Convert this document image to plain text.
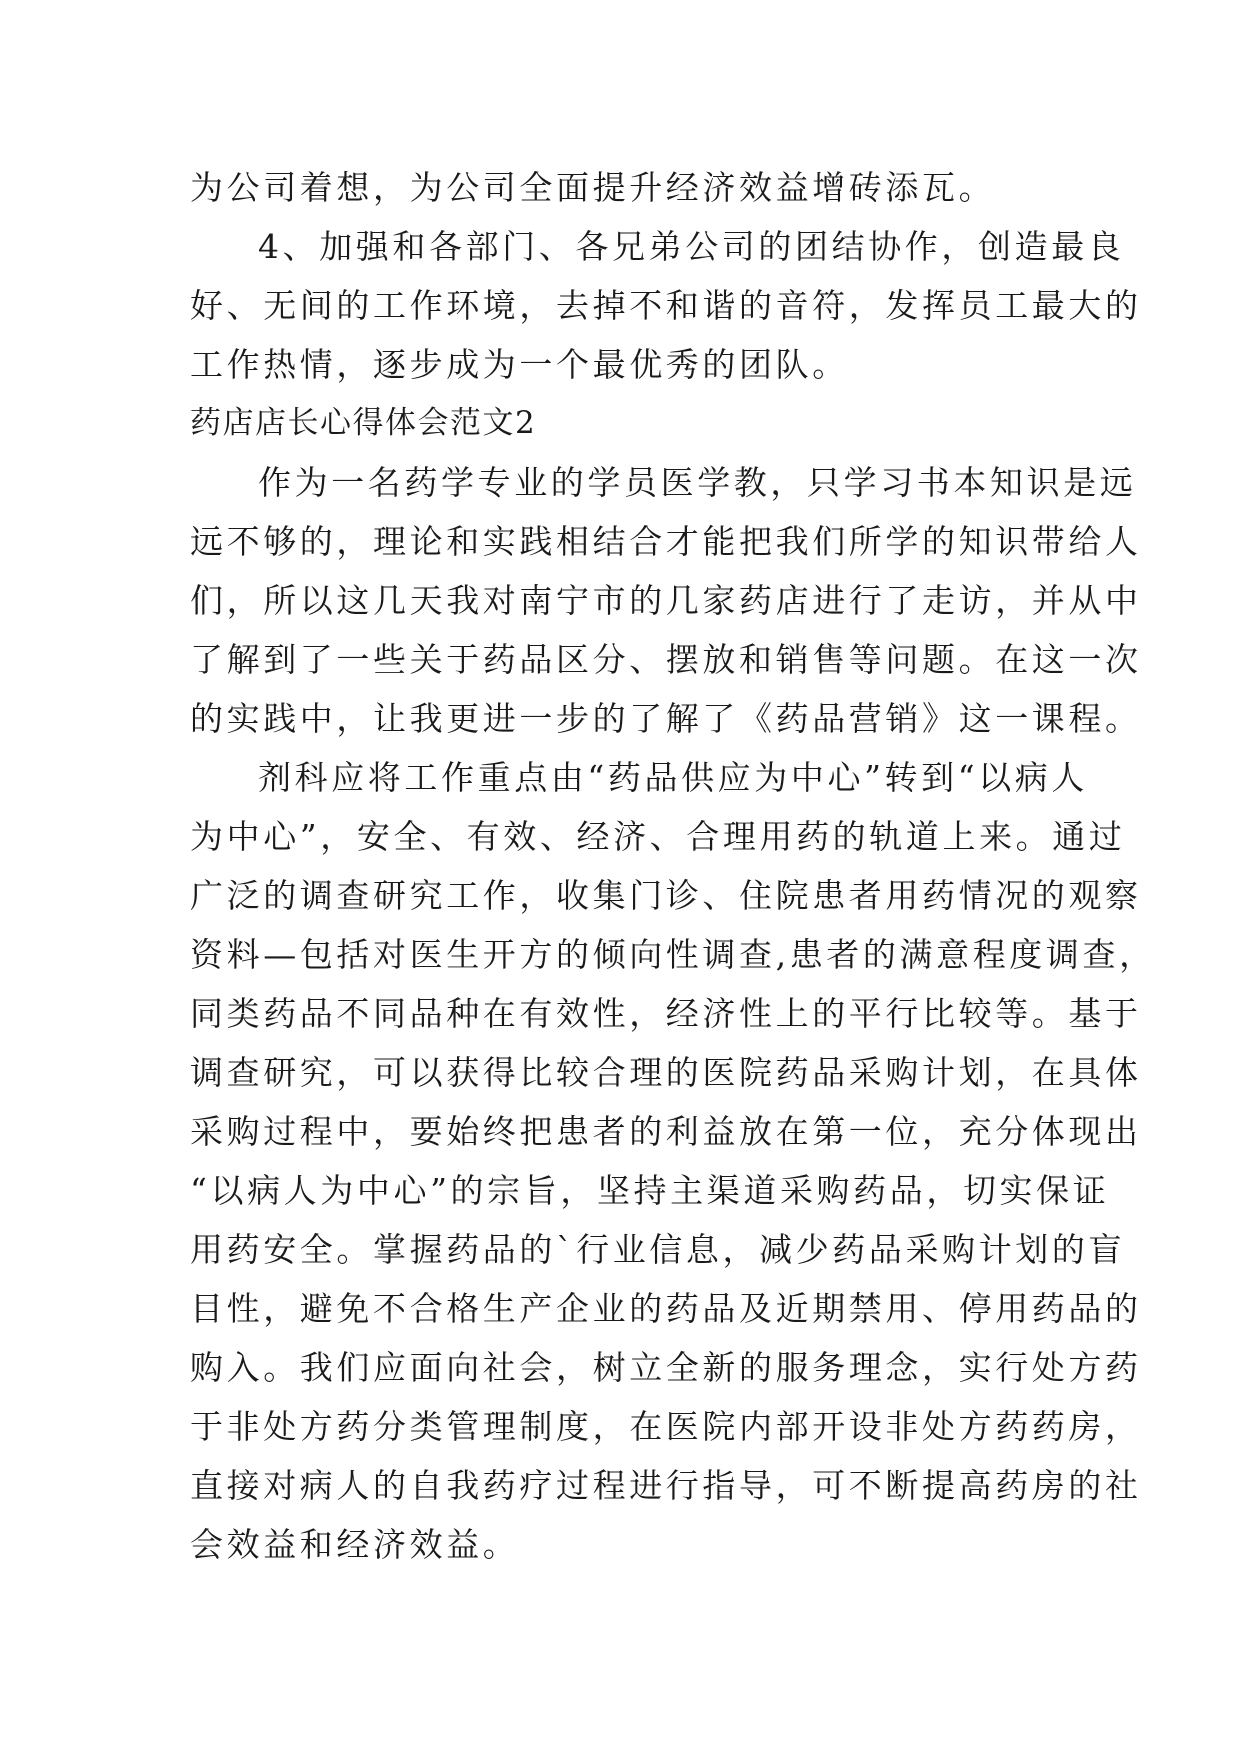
为公司着想，为公司全面提升经济效益增砖添瓦。
4、加强和各部门、各兄弟公司的团结协作，创造最良
好、无间的工作环境，去掉不和谐的音符，发挥员工最大的
工作热情，逐步成为一个最优秀的团队。
药店店长心得体会范文2
作为一名药学专业的学员医学教，只学习书本知识是远
远不够的，理论和实践相结合才能把我们所学的知识带给人
们，所以这几天我对南宁市的几家药店进行了走访，并从中
了解到了一些关于药品区分、摆放和销售等问题。在这一次
的实践中，让我更进一步的了解了《药品营销》这一课程。
剂科应将工作重点由“药品供应为中心”转到“以病人
为中心”，安全、有效、经济、合理用药的轨道上来。通过
广泛的调查研究工作，收集门诊、住院患者用药情况的观察
资料—包括对医生开方的倾向性调查,患者的满意程度调查，
同类药品不同品种在有效性，经济性上的平行比较等。基于
调查研究，可以获得比较合理的医院药品采购计划，在具体
采购过程中，要始终把患者的利益放在第一位，充分体现出
“以病人为中心”的宗旨，坚持主渠道采购药品，切实保证
用药安全。掌握药品的`行业信息，减少药品采购计划的盲
目性，避免不合格生产企业的药品及近期禁用、停用药品的
购入。我们应面向社会，树立全新的服务理念，实行处方药
于非处方药分类管理制度，在医院内部开设非处方药药房，
直接对病人的自我药疗过程进行指导，可不断提高药房的社
会效益和经济效益。
